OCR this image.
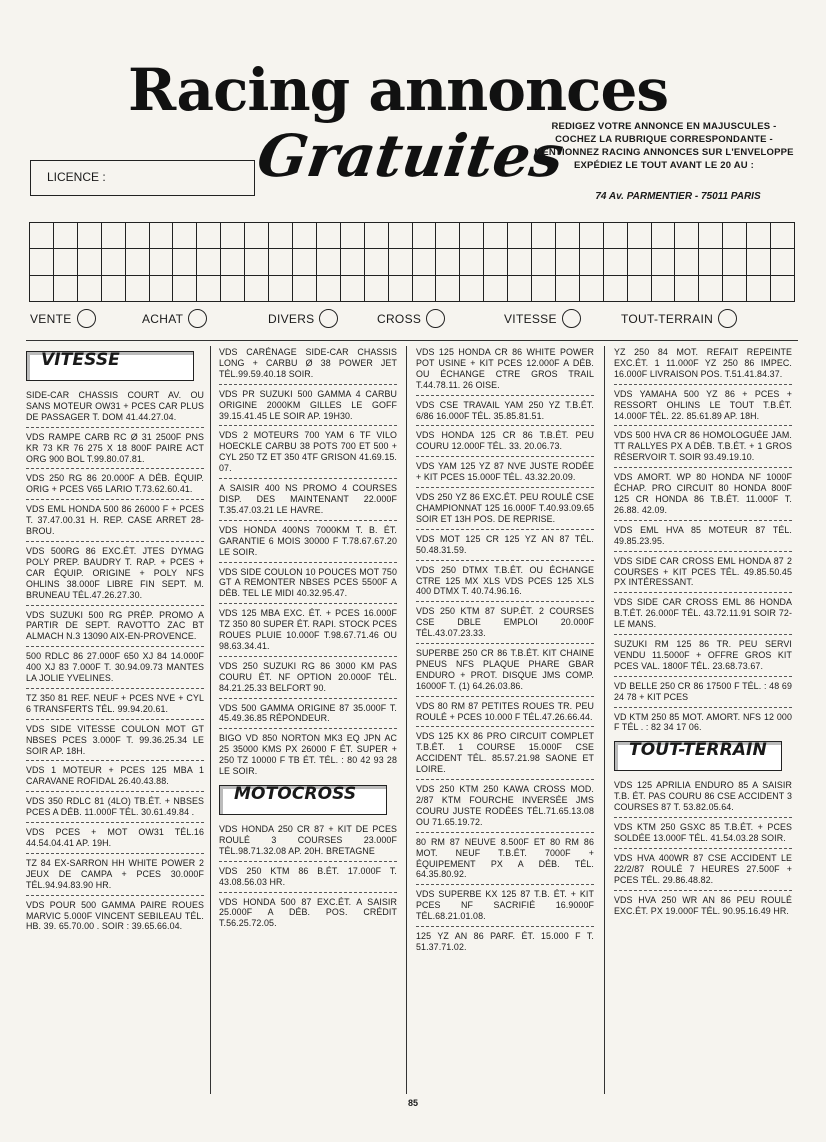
Racing annonces
Gratuites
LICENCE :
REDIGEZ VOTRE ANNONCE EN MAJUSCULES - COCHEZ LA RUBRIQUE CORRESPONDANTE - MENTIONNEZ RACING ANNONCES SUR L'ENVELOPPE EXPÉDIEZ LE TOUT AVANT LE 20 AU :
74 Av. PARMENTIER - 75011 PARIS
VENTE	ACHAT	DIVERS	CROSS	VITESSE	TOUT-TERRAIN
VITESSE
SIDE-CAR CHASSIS COURT AV. OU SANS MOTEUR OW31 + PCES CAR PLUS DE PASSAGER T. DOM 41.44.27.04.
VDS RAMPE CARB RC Ø 31 2500F PNS KR 73 KR 76 275 X 18 800F PAIRE ACT ORG 900 BOL T.99.80.07.81.
VDS 250 RG 86 20.000F A DÉB. ÉQUIP. ORIG + PCES V65 LARIO T.73.62.60.41.
VDS EML HONDA 500 86 26000 F + PCES T. 37.47.00.31 H. REP. CASE ARRET 28-BROU.
VDS 500RG 86 EXC.ÉT. JTES DYMAG POLY PREP. BAUDRY T. RAP. + PCES + CAR ÉQUIP. ORIGINE + POLY NFS OHLINS 38.000F LIBRE FIN SEPT. M. BRUNEAU TÉL.47.26.27.30.
VDS SUZUKI 500 RG PRÉP. PROMO A PARTIR DE SEPT. RAVOTTO ZAC BT ALMACH N.3 13090 AIX-EN-PROVENCE.
500 RDLC 86 27.000F 650 XJ 84 14.000F 400 XJ 83 7.000F T. 30.94.09.73 MANTES LA JOLIE YVELINES.
TZ 350 81 REF. NEUF + PCES NVE + CYL 6 TRANSFERTS TÉL. 99.94.20.61.
VDS SIDE VITESSE COULON MOT GT NBSES PCES 3.000F T. 99.36.25.34 LE SOIR AP. 18H.
VDS 1 MOTEUR + PCES 125 MBA 1 CARAVANE ROFIDAL 26.40.43.88.
VDS 350 RDLC 81 (4LO) TB.ÉT. + NBSES PCES A DÉB. 11.000F TÉL. 30.61.49.84 .
VDS PCES + MOT OW31 TÉL.16 44.54.04.41 AP. 19H.
TZ 84 EX-SARRON HH WHITE POWER 2 JEUX DE CAMPA + PCES 30.000F TÉL.94.94.83.90 HR.
VDS POUR 500 GAMMA PAIRE ROUES MARVIC 5.000F VINCENT SEBILEAU TÉL. HB. 39. 65.70.00 . SOIR : 39.65.66.04.
VDS CARÉNAGE SIDE-CAR CHASSIS LONG + CARBU Ø 38 POWER JET TÉL.99.59.40.18 SOIR.
VDS PR SUZUKI 500 GAMMA 4 CARBU ORIGINE 2000KM GILLES LE GOFF 39.15.41.45 LE SOIR AP. 19H30.
VDS 2 MOTEURS 700 YAM 6 TF VILO HOECKLE CARBU 38 POTS 700 ET 500 + CYL 250 TZ ET 350 4TF GRISON 41.69.15. 07.
A SAISIR 400 NS PROMO 4 COURSES DISP. DES MAINTENANT 22.000F T.35.47.03.21 LE HAVRE.
VDS HONDA 400NS 7000KM T. B. ÉT. GARANTIE 6 MOIS 30000 F T.78.67.67.20 LE SOIR.
VDS SIDE COULON 10 POUCES MOT 750 GT A REMONTER NBSES PCES 5500F A DÉB. TEL LE MIDI 40.32.95.47.
VDS 125 MBA EXC. ÉT. + PCES 16.000F TZ 350 80 SUPER ÉT. RAPI. STOCK PCES ROUES PLUIE 10.000F T.98.67.71.46 OU 98.63.34.41.
VDS 250 SUZUKI RG 86 3000 KM PAS COURU ÉT. NF OPTION 20.000F TÉL. 84.21.25.33 BELFORT 90.
VDS 500 GAMMA ORIGINE 87 35.000F T. 45.49.36.85 RÉPONDEUR.
BIGO VD 850 NORTON MK3 EQ JPN AC 25 35000 KMS PX 26000 F ÉT. SUPER + 250 TZ 10000 F TB ÉT. TÉL. : 80 42 93 28 LE SOIR.
MOTOCROSS
VDS HONDA 250 CR 87 + KIT DE PCES ROULÉ 3 COURSES 23.000F TÉL.98.71.32.08 AP. 20H. BRETAGNE
VDS 250 KTM 86 B.ÉT. 17.000F T. 43.08.56.03 HR.
VDS HONDA 500 87 EXC.ÉT. A SAISIR 25.000F A DÉB. POS. CRÉDIT T.56.25.72.05.
VDS 125 HONDA CR 86 WHITE POWER POT USINE + KIT PCES 12.000F A DÉB. OU ÉCHANGE CTRE GROS TRAIL T.44.78.11. 26 OISE.
VDS CSE TRAVAIL YAM 250 YZ T.B.ÉT. 6/86 16.000F TÉL. 35.85.81.51.
VDS HONDA 125 CR 86 T.B.ÉT. PEU COURU 12.000F TÉL. 33. 20.06.73.
VDS YAM 125 YZ 87 NVE JUSTE RODÉE + KIT PCES 15.000F TÉL. 43.32.20.09.
VDS 250 YZ 86 EXC.ÉT. PEU ROULÉ CSE CHAMPIONNAT 125 16.000F T.40.93.09.65 SOIR ET 13H POS. DE REPRISE.
VDS MOT 125 CR 125 YZ AN 87 TÉL. 50.48.31.59.
VDS 250 DTMX T.B.ÉT. OU ÉCHANGE CTRE 125 MX XLS VDS PCES 125 XLS 400 DTMX T. 40.74.96.16.
VDS 250 KTM 87 SUP.ÉT. 2 COURSES CSE DBLE EMPLOI 20.000F TÉL.43.07.23.33.
SUPERBE 250 CR 86 T.B.ÉT. KIT CHAINE PNEUS NFS PLAQUE PHARE GBAR ENDURO + PROT. DISQUE JMS COMP. 16000F T. (1) 64.26.03.86.
VDS 80 RM 87 PETITES ROUES TR. PEU ROULÉ + PCES 10.000 F TÉL.47.26.66.44.
VDS 125 KX 86 PRO CIRCUIT COMPLET T.B.ÉT. 1 COURSE 15.000F CSE ACCIDENT TÉL. 85.57.21.98 SAONE ET LOIRE.
VDS 250 KTM 250 KAWA CROSS MOD. 2/87 KTM FOURCHE INVERSÉE JMS COURU JUSTE RODÉES TÉL.71.65.13.08 OU 71.65.19.72.
80 RM 87 NEUVE 8.500F ET 80 RM 86 MOT. NEUF T.B.ÉT. 7000F + ÉQUIPEMENT PX A DÉB. TÉL. 64.35.80.92.
VDS SUPERBE KX 125 87 T.B. ÉT. + KIT PCES NF SACRIFIÉ 16.9000F TÉL.68.21.01.08.
125 YZ AN 86 PARF. ÉT. 15.000 F T. 51.37.71.02.
YZ 250 84 MOT. REFAIT REPEINTE EXC.ÉT. 1 11.000F YZ 250 86 IMPEC. 16.000F LIVRAISON POS. T.51.41.84.37.
VDS YAMAHA 500 YZ 86 + PCES + RESSORT OHLINS LE TOUT T.B.ÉT. 14.000F TÉL. 22. 85.61.89 AP. 18H.
VDS 500 HVA CR 86 HOMOLOGUÉE JAM. TT RALLYES PX A DÉB. T.B.ÉT. + 1 GROS RÉSERVOIR T. SOIR 93.49.19.10.
VDS AMORT. WP 80 HONDA NF 1000F ÉCHAP. PRO CIRCUIT 80 HONDA 800F 125 CR HONDA 86 T.B.ÉT. 11.000F T. 26.88. 42.09.
VDS EML HVA 85 MOTEUR 87 TÉL. 49.85.23.95.
VDS SIDE CAR CROSS EML HONDA 87 2 COURSES + KIT PCES TÉL. 49.85.50.45 PX INTÉRESSANT.
VDS SIDE CAR CROSS EML 86 HONDA B.T.ÉT. 26.000F TÉL. 43.72.11.91 SOIR 72-LE MANS.
SUZUKI RM 125 86 TR. PEU SERVI VENDU 11.5000F + OFFRE GROS KIT PCES VAL. 1800F TÉL. 23.68.73.67.
VD BELLE 250 CR 86 17500 F TÉL. : 48 69 24 78 + KIT PCES
VD KTM 250 85 MOT. AMORT. NFS 12 000 F TÉL . : 82 34 17 06.
TOUT-TERRAIN
VDS 125 APRILIA ENDURO 85 A SAISIR T.B. ÉT. PAS COURU 86 CSE ACCIDENT 3 COURSES 87 T. 53.82.05.64.
VDS KTM 250 GSXC 85 T.B.ÉT. + PCES SOLDÉE 13.000F TÉL. 41.54.03.28 SOIR.
VDS HVA 400WR 87 CSE ACCIDENT LE 22/2/87 ROULÉ 7 HEURES 27.500F + PCES TÉL. 29.86.48.82.
VDS HVA 250 WR AN 86 PEU ROULÉ EXC.ÉT. PX 19.000F TÉL. 90.95.16.49 HR.
85
